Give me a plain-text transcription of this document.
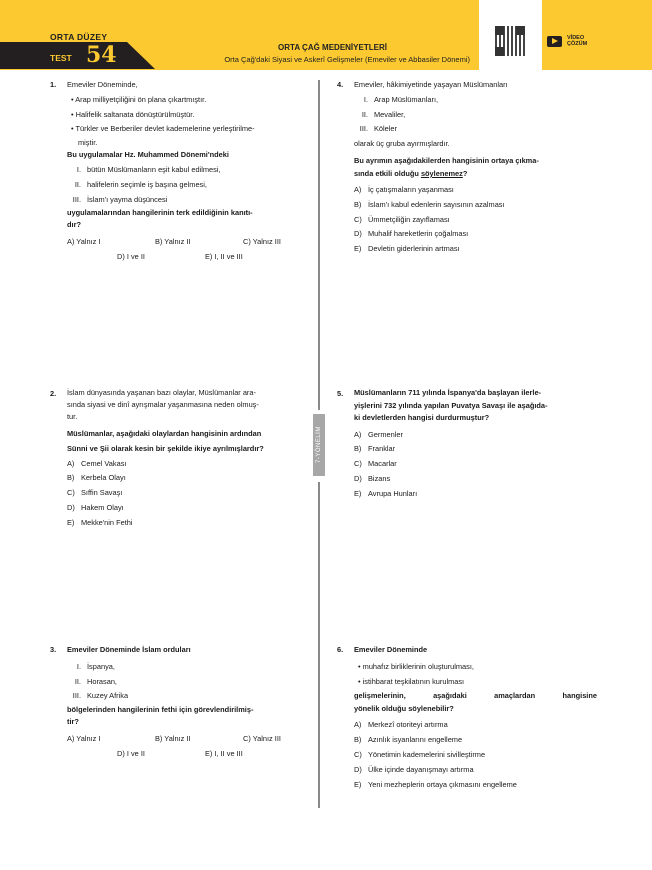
ORTA DÜZEY
TEST 54	ORTA ÇAĞ MEDENİYETLERİ
Orta Çağ'daki Siyasi ve Askerî Gelişmeler (Emeviler ve Abbasiler Dönemi)
VİDEO
ÇÖZÜM
7-YÖNELİM
1. Emeviler Döneminde,
• Arap milliyetçiliğini ön plana çıkartmıştır.
• Halifelik saltanata dönüştürülmüştür.
• Türkler ve Berberiler devlet kademelerine yerleştirilme-
miştir.
Bu uygulamalar Hz. Muhammed Dönemi'ndeki
I. bütün Müslümanların eşit kabul edilmesi,
II. halifelerin seçimle iş başına gelmesi,
III. İslam'ı yayma düşüncesi
uygulamalarından hangilerinin terk edildiğinin kanıtı-
dır?
A) Yalnız I	B) Yalnız II	C) Yalnız III
D) I ve II	E) I, II ve III
2. İslam dünyasında yaşanan bazı olaylar, Müslümanlar ara-
sında siyasi ve dinî ayrışmalar yaşanmasına neden olmuş-
tur.
Müslümanlar, aşağıdaki olaylardan hangisinin ardından
Sünni ve Şii olarak kesin bir şekilde ikiye ayrılmışlardır?
A) Cemel Vakası
B) Kerbela Olayı
C) Sıffin Savaşı
D) Hakem Olayı
E) Mekke'nin Fethi
3. Emeviler Döneminde İslam orduları
I. İspanya,
II. Horasan,
III. Kuzey Afrika
bölgelerinden hangilerinin fethi için görevlendirilmiş-
tir?
A) Yalnız I	B) Yalnız II	C) Yalnız III
D) I ve II	E) I, II ve III
4. Emeviler, hâkimiyetinde yaşayan Müslümanları
I. Arap Müslümanları,
II. Mevaliler,
III. Köleler
olarak üç gruba ayırmışlardır.
Bu ayrımın aşağıdakilerden hangisinin ortaya çıkma-
sında etkili olduğu söylenemez?
A) İç çatışmaların yaşanması
B) İslam'ı kabul edenlerin sayısının azalması
C) Ümmetçiliğin zayıflaması
D) Muhalif hareketlerin çoğalması
E) Devletin giderlerinin artması
5. Müslümanların 711 yılında İspanya'da başlayan ilerle-
yişlerini 732 yılında yapılan Puvatya Savaşı ile aşağıda-
ki devletlerden hangisi durdurmuştur?
A) Germenler
B) Franklar
C) Macarlar
D) Bizans
E) Avrupa Hunları
6. Emeviler Döneminde
• muhafız birliklerinin oluşturulması,
• istihbarat teşkilatının kurulması
gelişmelerinin, aşağıdaki amaçlardan hangisine
yönelik olduğu söylenebilir?
A) Merkezî otoriteyi artırma
B) Azınlık isyanlarını engelleme
C) Yönetimin kademelerini sivilleştirme
D) Ülke içinde dayanışmayı artırma
E) Yeni mezheplerin ortaya çıkmasını engelleme
